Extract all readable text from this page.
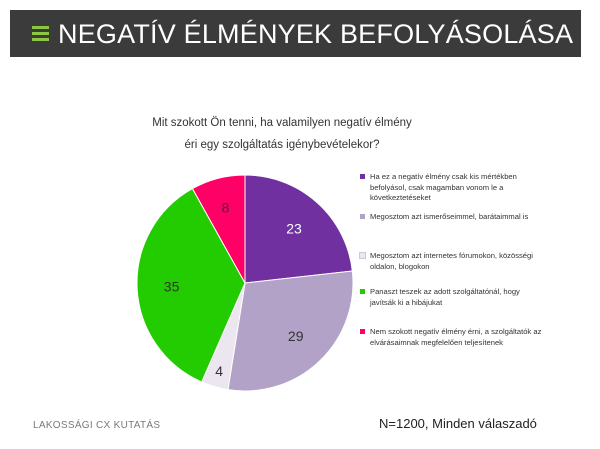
NEGATÍV ÉLMÉNYEK BEFOLYÁSOLÁSA
Mit szokott Ön tenni, ha valamilyen negatív élmény
éri egy szolgáltatás igénybevételekor?
23
29
4
35
8
Ha ez a negatív élmény csak kis mértékben befolyásol, csak magamban vonom le a következtetéseket
Megosztom azt ismerőseimmel, barátaimmal is
Megosztom azt internetes fórumokon, közösségi oldalon, blogokon
Panaszt teszek az adott szolgáltatónál, hogy javítsák ki a hibájukat
Nem szokott negatív élmény érni, a szolgáltatók az elvárásaimnak megfelelően teljesítenek
LAKOSSÁGI CX KUTATÁS	N=1200, Minden válaszadó
